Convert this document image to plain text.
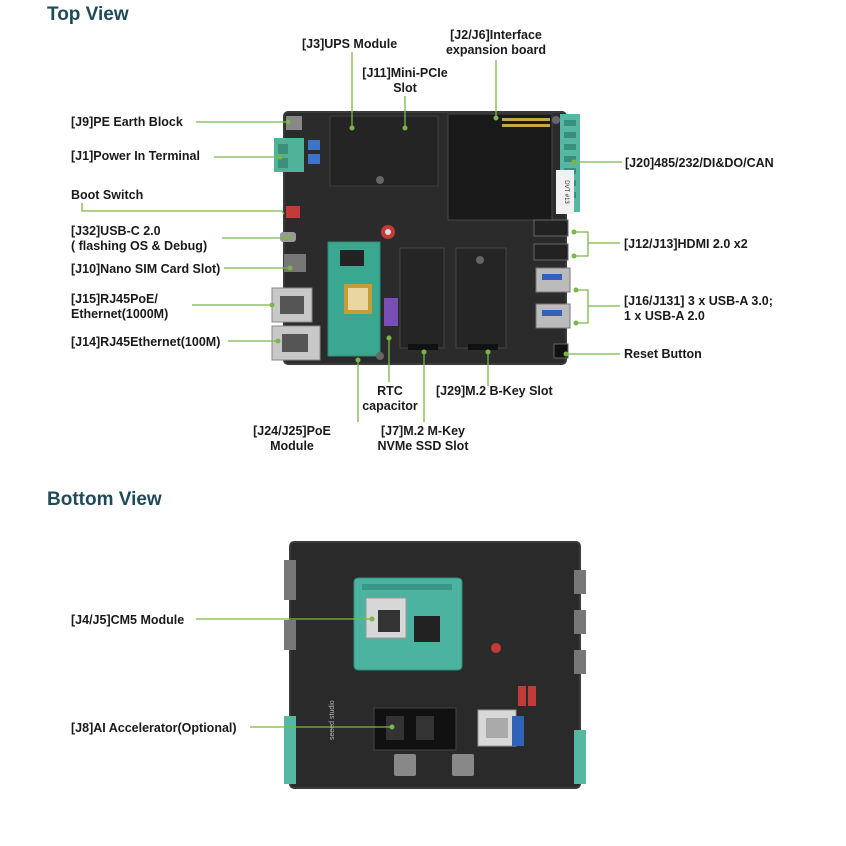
Top View
Bottom View
DVT #13
seeed studio
[J3]UPS Module
[J2/J6]Interface
expansion board
[J11]Mini-PCIe
Slot
[J9]PE Earth Block
[J1]Power In Terminal
Boot Switch
[J32]USB-C 2.0
( flashing OS & Debug)
[J10]Nano SIM Card Slot)
[J15]RJ45PoE/
Ethernet(1000M)
[J14]RJ45Ethernet(100M)
RTC
capacitor
[J29]M.2 B-Key Slot
[J24/J25]PoE
Module
[J7]M.2 M-Key
NVMe SSD Slot
[J20]485/232/DI&DO/CAN
[J12/J13]HDMI 2.0 x2
[J16/J131] 3 x USB-A 3.0;
1 x USB-A 2.0
Reset Button
[J4/J5]CM5 Module
[J8]AI Accelerator(Optional)
